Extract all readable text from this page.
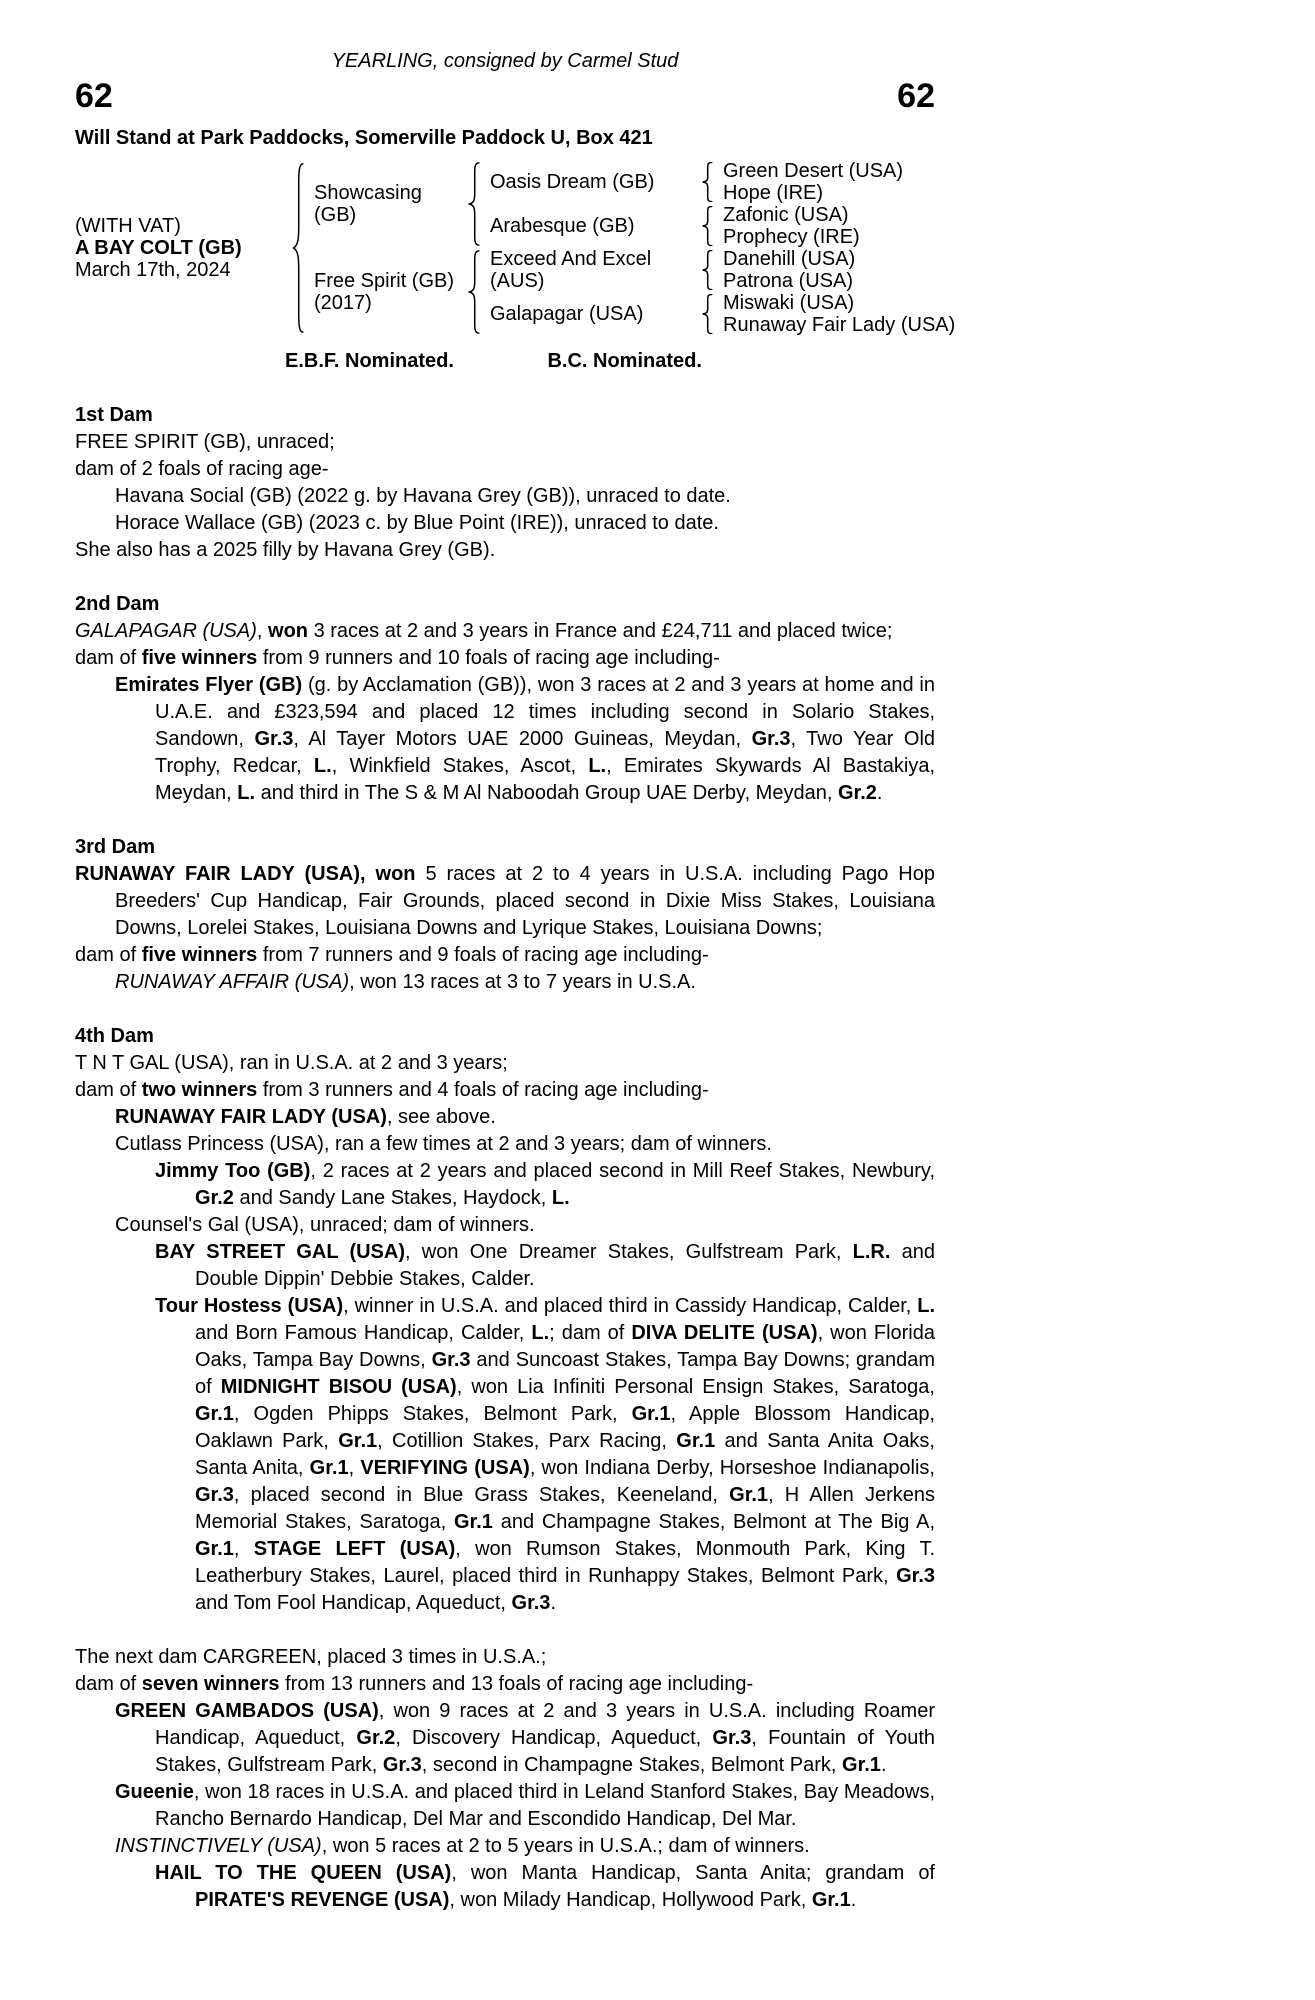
YEARLING, consigned by Carmel Stud
62	62
Will Stand at Park Paddocks, Somerville Paddock U, Box 421
(WITH VAT)
A BAY COLT (GB)
March 17th, 2024
Showcasing
(GB)
Free Spirit (GB)
(2017)
Oasis Dream (GB)
Arabesque (GB)
Exceed And Excel
(AUS)
Galapagar (USA)
Green Desert (USA)
Hope (IRE)
Zafonic (USA)
Prophecy (IRE)
Danehill (USA)
Patrona (USA)
Miswaki (USA)
Runaway Fair Lady (USA)
E.B.F. Nominated.	B.C. Nominated.
1st Dam
FREE SPIRIT (GB), unraced;
dam of 2 foals of racing age-
Havana Social (GB) (2022 g. by Havana Grey (GB)), unraced to date.
Horace Wallace (GB) (2023 c. by Blue Point (IRE)), unraced to date.
She also has a 2025 filly by Havana Grey (GB).
2nd Dam
GALAPAGAR (USA), won 3 races at 2 and 3 years in France and £24,711 and placed twice;
dam of five winners from 9 runners and 10 foals of racing age including-
Emirates Flyer (GB) (g. by Acclamation (GB)), won 3 races at 2 and 3 years at home and in U.A.E. and £323,594 and placed 12 times including second in Solario Stakes, Sandown, Gr.3, Al Tayer Motors UAE 2000 Guineas, Meydan, Gr.3, Two Year Old Trophy, Redcar, L., Winkfield Stakes, Ascot, L., Emirates Skywards Al Bastakiya, Meydan, L. and third in The S & M Al Naboodah Group UAE Derby, Meydan, Gr.2.
3rd Dam
RUNAWAY FAIR LADY (USA), won 5 races at 2 to 4 years in U.S.A. including Pago Hop Breeders' Cup Handicap, Fair Grounds, placed second in Dixie Miss Stakes, Louisiana Downs, Lorelei Stakes, Louisiana Downs and Lyrique Stakes, Louisiana Downs;
dam of five winners from 7 runners and 9 foals of racing age including-
RUNAWAY AFFAIR (USA), won 13 races at 3 to 7 years in U.S.A.
4th Dam
T N T GAL (USA), ran in U.S.A. at 2 and 3 years;
dam of two winners from 3 runners and 4 foals of racing age including-
RUNAWAY FAIR LADY (USA), see above.
Cutlass Princess (USA), ran a few times at 2 and 3 years; dam of winners.
Jimmy Too (GB), 2 races at 2 years and placed second in Mill Reef Stakes, Newbury, Gr.2 and Sandy Lane Stakes, Haydock, L.
Counsel's Gal (USA), unraced; dam of winners.
BAY STREET GAL (USA), won One Dreamer Stakes, Gulfstream Park, L.R. and Double Dippin' Debbie Stakes, Calder.
Tour Hostess (USA), winner in U.S.A. and placed third in Cassidy Handicap, Calder, L. and Born Famous Handicap, Calder, L.; dam of DIVA DELITE (USA), won Florida Oaks, Tampa Bay Downs, Gr.3 and Suncoast Stakes, Tampa Bay Downs; grandam of MIDNIGHT BISOU (USA), won Lia Infiniti Personal Ensign Stakes, Saratoga, Gr.1, Ogden Phipps Stakes, Belmont Park, Gr.1, Apple Blossom Handicap, Oaklawn Park, Gr.1, Cotillion Stakes, Parx Racing, Gr.1 and Santa Anita Oaks, Santa Anita, Gr.1, VERIFYING (USA), won Indiana Derby, Horseshoe Indianapolis, Gr.3, placed second in Blue Grass Stakes, Keeneland, Gr.1, H Allen Jerkens Memorial Stakes, Saratoga, Gr.1 and Champagne Stakes, Belmont at The Big A, Gr.1, STAGE LEFT (USA), won Rumson Stakes, Monmouth Park, King T. Leatherbury Stakes, Laurel, placed third in Runhappy Stakes, Belmont Park, Gr.3 and Tom Fool Handicap, Aqueduct, Gr.3.
The next dam CARGREEN, placed 3 times in U.S.A.;
dam of seven winners from 13 runners and 13 foals of racing age including-
GREEN GAMBADOS (USA), won 9 races at 2 and 3 years in U.S.A. including Roamer Handicap, Aqueduct, Gr.2, Discovery Handicap, Aqueduct, Gr.3, Fountain of Youth Stakes, Gulfstream Park, Gr.3, second in Champagne Stakes, Belmont Park, Gr.1.
Gueenie, won 18 races in U.S.A. and placed third in Leland Stanford Stakes, Bay Meadows, Rancho Bernardo Handicap, Del Mar and Escondido Handicap, Del Mar.
INSTINCTIVELY (USA), won 5 races at 2 to 5 years in U.S.A.; dam of winners.
HAIL TO THE QUEEN (USA), won Manta Handicap, Santa Anita; grandam of PIRATE'S REVENGE (USA), won Milady Handicap, Hollywood Park, Gr.1.
